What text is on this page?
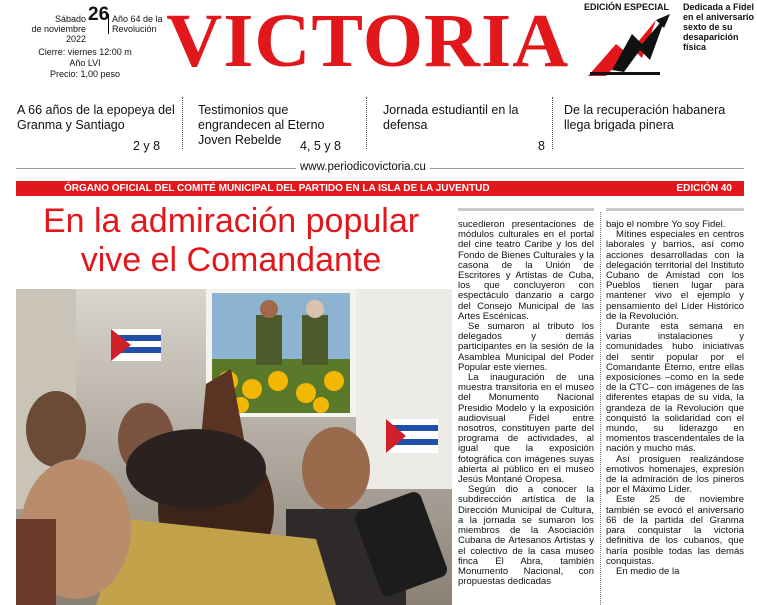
Sábado
de noviembre 2022
26 Año 64 de la Revolución
Cierre: viernes 12:00 m
Año LVI
Precio: 1,00 peso VICTORIA EDICIÓN ESPECIAL Dedicada a Fidel en el aniversario sexto de su desaparición física
A 66 años de la epopeya del Granma y Santiago
2 y 8
Testimonios que engrandecen al Eterno Joven Rebelde 4, 5 y 8
Jornada estudiantil en la defensa
8
De la recuperación habanera llega brigada pinera
www.periodicovictoria.cu
ÓRGANO OFICIAL DEL COMITÉ MUNICIPAL DEL PARTIDO EN LA ISLA DE LA JUVENTUD	EDICIÓN 40
En la admiración popular
vive el Comandante

sucedieron presentaciones de módulos culturales en el portal del cine teatro Caribe y los del Fondo de Bienes Culturales y la casona de la Unión de Escritores y Artistas de Cuba, los que concluyeron con espectáculo danzario a cargo del Consejo Municipal de las Artes Escénicas.

Se sumaron al tributo los delegados y demás participantes en la sesión de la Asamblea Municipal del Poder Popular este viernes.

La inauguración de una muestra transitoria en el museo del Monumento Nacional Presidio Modelo y la exposición audiovisual Fidel entre nosotros, constituyen parte del programa de actividades, al igual que la exposición fotográfica con imágenes suyas abierta al público en el museo Jesús Montané Oropesa.

Según dio a conocer la subdirección artística de la Dirección Municipal de Cultura, a la jornada se sumaron los miembros de la Asociación Cubana de Artesanos Artistas y el colectivo de la casa museo finca El Abra, también Monumento Nacional, con propuestas dedicadas

bajo el nombre Yo soy Fidel.

Mítines especiales en centros laborales y barrios, así como acciones desarrolladas con la delegación territorial del Instituto Cubano de Amistad con los Pueblos tienen lugar para mantener vivo el ejemplo y pensamiento del Líder Histórico de la Revolución.

Durante esta semana en varias instalaciones y comunidades hubo iniciativas del sentir popular por el Comandante Eterno, entre ellas exposiciones –como en la sede de la CTC– con imágenes de las diferentes etapas de su vida, la grandeza de la Revolución que conquistó la solidaridad con el mundo, su liderazgo en momentos trascendentales de la nación y mucho más.

Así prosiguen realizándose emotivos homenajes, expresión de la admiración de los pineros por el Máximo Líder.

Este 25 de noviembre también se evocó el aniversario 66 de la partida del Granma para conquistar la victoria definitiva de los cubanos, que haría posible todas las demás conquistas.

En medio de la
